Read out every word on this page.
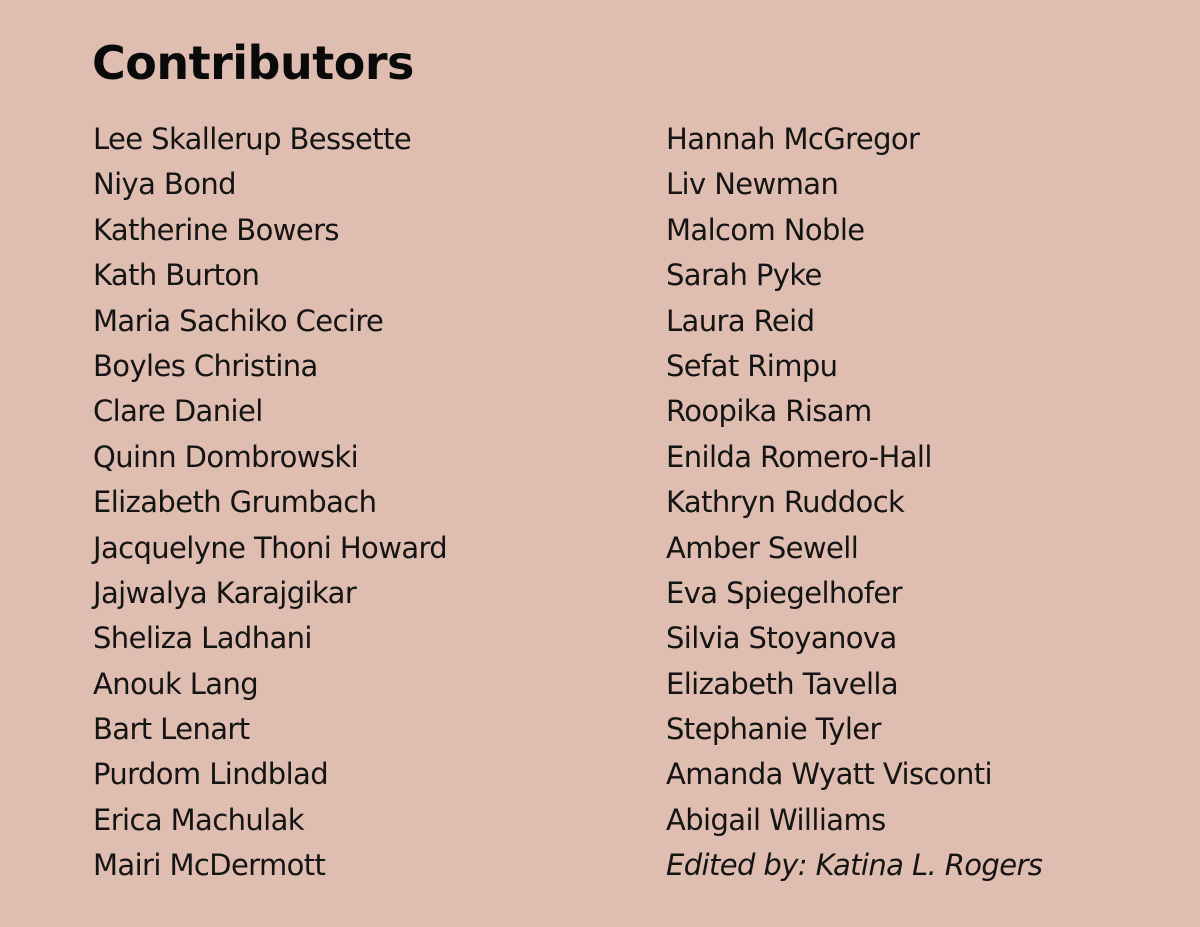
Contributors
Lee Skallerup Bessette
Niya Bond
Katherine Bowers
Kath Burton
Maria Sachiko Cecire
Boyles Christina
Clare Daniel
Quinn Dombrowski
Elizabeth Grumbach
Jacquelyne Thoni Howard
Jajwalya Karajgikar
Sheliza Ladhani
Anouk Lang
Bart Lenart
Purdom Lindblad
Erica Machulak
Mairi McDermott
Hannah McGregor
Liv Newman
Malcom Noble
Sarah Pyke
Laura Reid
Sefat Rimpu
Roopika Risam
Enilda Romero-Hall
Kathryn Ruddock
Amber Sewell
Eva Spiegelhofer
Silvia Stoyanova
Elizabeth Tavella
Stephanie Tyler
Amanda Wyatt Visconti
Abigail Williams
Edited by: Katina L. Rogers
